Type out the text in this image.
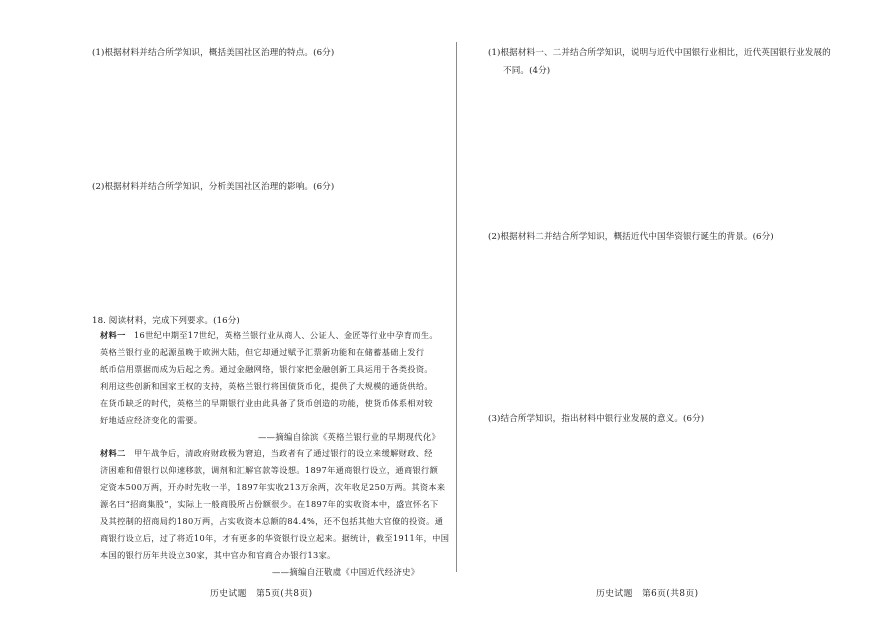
(1)根据材料并结合所学知识，概括美国社区治理的特点。(6分)
(2)根据材料并结合所学知识，分析美国社区治理的影响。(6分)
18. 阅读材料，完成下列要求。(16分)
材料一 16世纪中期至17世纪，英格兰银行业从商人、公证人、金匠等行业中孕育而生。
英格兰银行业的起源虽晚于欧洲大陆，但它却通过赋予汇票新功能和在储蓄基础上发行
纸币信用票据而成为后起之秀。通过金融网络，银行家把金融创新工具运用于各类投资。
利用这些创新和国家王权的支持，英格兰银行将国债货币化，提供了大规模的通货供给。
在货币缺乏的时代，英格兰的早期银行业由此具备了货币创造的功能，使货币体系相对较
好地适应经济变化的需要。
——摘编自徐滨《英格兰银行业的早期现代化》
材料二 甲午战争后，清政府财政极为窘迫，当政者有了通过银行的设立来缓解财政、经
济困难和借银行以仰速移款，调剂和汇解官款等设想。1897年通商银行设立，通商银行额
定资本500万两，开办时先收一半，1897年实收213万余两，次年收足250万两。其资本来
源名曰“招商集股”，实际上一般商股所占份额很少。在1897年的实收资本中，盛宣怀名下
及其控制的招商局约180万两，占实收资本总额的84.4%，还不包括其他大官僚的投资。通
商银行设立后，过了将近10年，才有更多的华资银行设立起来。据统计，截至1911年，中国
本国的银行历年共设立30家，其中官办和官商合办银行13家。
——摘编自汪敬虞《中国近代经济史》
历史试题　第5页(共8页)
(1)根据材料一、二并结合所学知识，说明与近代中国银行业相比，近代英国银行业发展的
不同。(4分)
(2)根据材料二并结合所学知识，概括近代中国华资银行诞生的背景。(6分)
(3)结合所学知识，指出材料中银行业发展的意义。(6分)
历史试题　第6页(共8页)
